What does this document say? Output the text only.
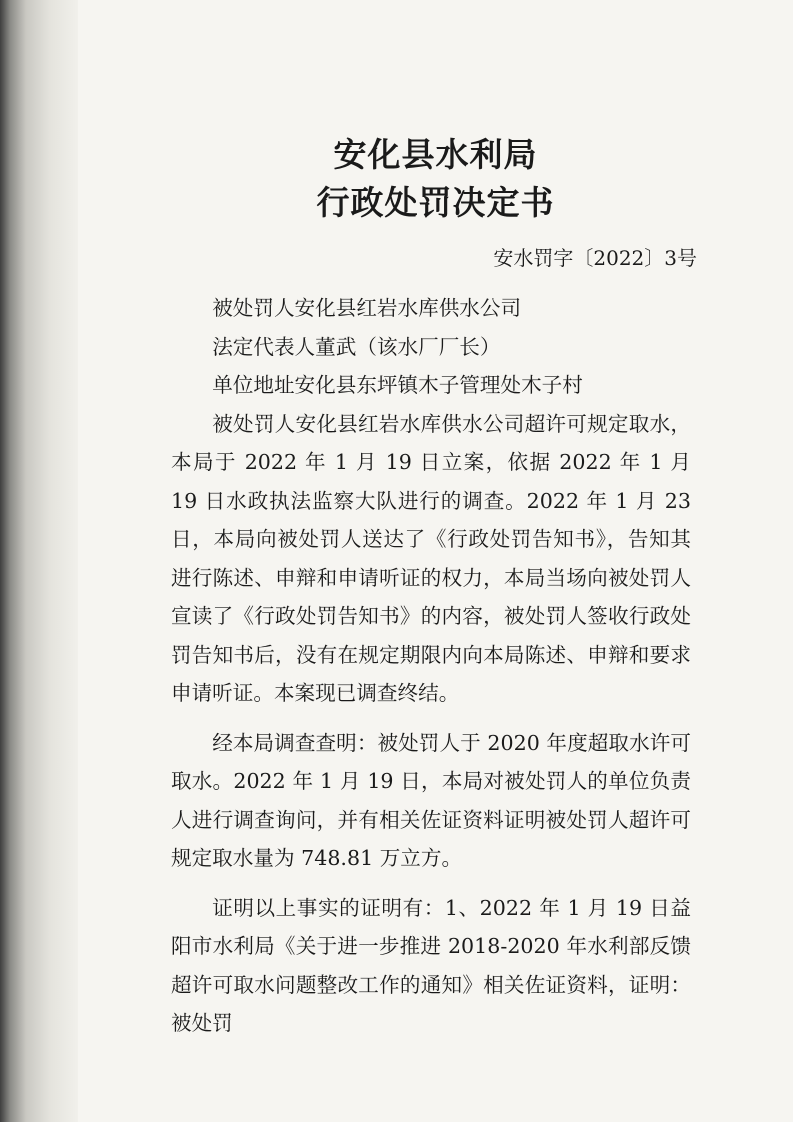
安化县水利局
行政处罚决定书
安水罚字〔2022〕3号

被处罚人安化县红岩水库供水公司

法定代表人董武（该水厂厂长）

单位地址安化县东坪镇木子管理处木子村

被处罚人安化县红岩水库供水公司超许可规定取水，本局于 2022 年 1 月 19 日立案，依据 2022 年 1 月 19 日水政执法监察大队进行的调查。2022 年 1 月 23 日，本局向被处罚人送达了《行政处罚告知书》，告知其进行陈述、申辩和申请听证的权力，本局当场向被处罚人宣读了《行政处罚告知书》的内容，被处罚人签收行政处罚告知书后，没有在规定期限内向本局陈述、申辩和要求申请听证。本案现已调查终结。

经本局调查查明：被处罚人于 2020 年度超取水许可取水。2022 年 1 月 19 日，本局对被处罚人的单位负责人进行调查询问，并有相关佐证资料证明被处罚人超许可规定取水量为 748.81 万立方。

证明以上事实的证明有：1、2022 年 1 月 19 日益阳市水利局《关于进一步推进 2018-2020 年水利部反馈超许可取水问题整改工作的通知》相关佐证资料，证明：被处罚
